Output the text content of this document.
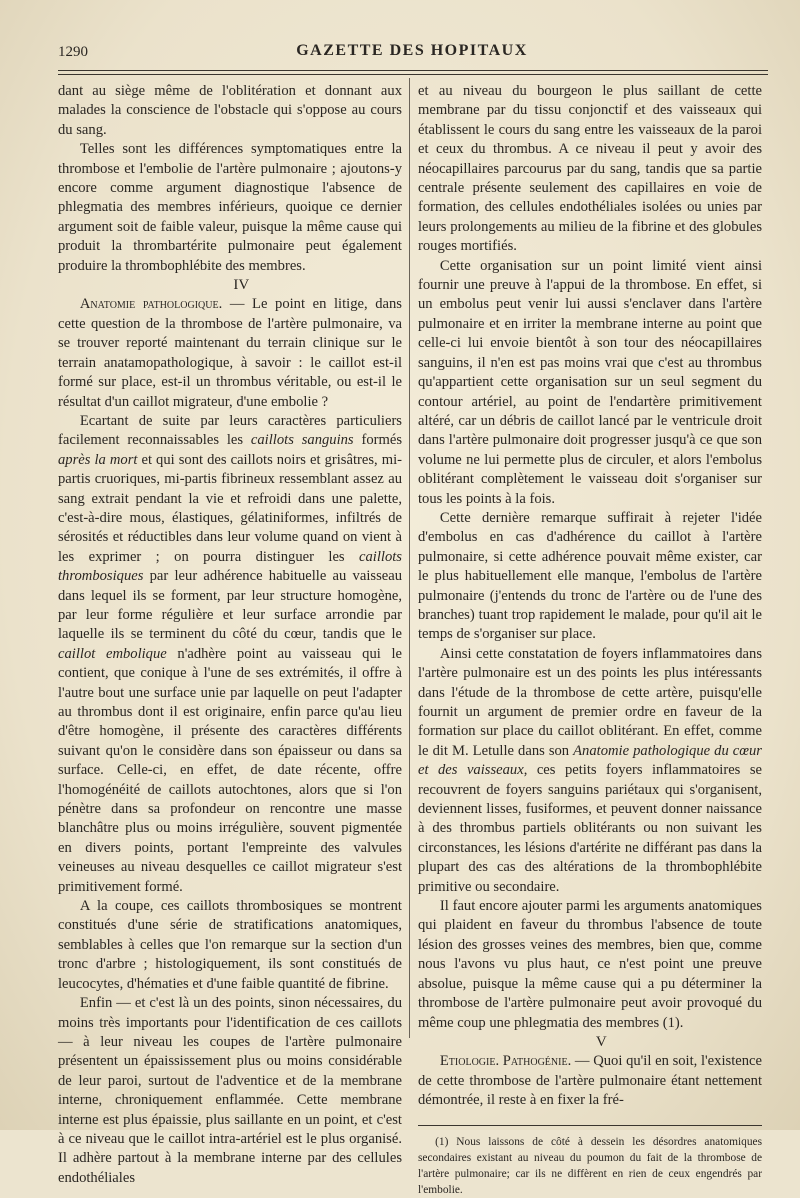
1290	GAZETTE DES HOPITAUX

dant au siège même de l'oblitération et donnant aux malades la conscience de l'obstacle qui s'oppose au cours du sang.

Telles sont les différences symptomatiques entre la thrombose et l'embolie de l'artère pulmonaire ; ajoutons-y encore comme argument diagnostique l'absence de phlegmatia des membres inférieurs, quoique ce dernier argument soit de faible valeur, puisque la même cause qui produit la thrombartérite pulmonaire peut également produire la thrombophlébite des membres.

IV

Anatomie pathologique. — Le point en litige, dans cette question de la thrombose de l'artère pulmonaire, va se trouver reporté maintenant du terrain clinique sur le terrain anatamopathologique, à savoir : le caillot est-il formé sur place, est-il un thrombus véritable, ou est-il le résultat d'un caillot migrateur, d'une embolie ?

Ecartant de suite par leurs caractères particuliers facilement reconnaissables les caillots sanguins formés après la mort et qui sont des caillots noirs et grisâtres, mi-partis cruoriques, mi-partis fibrineux ressemblant assez au sang extrait pendant la vie et refroidi dans une palette, c'est-à-dire mous, élastiques, gélatiniformes, infiltrés de sérosités et réductibles dans leur volume quand on vient à les exprimer ; on pourra distinguer les caillots thrombosiques par leur adhérence habituelle au vaisseau dans lequel ils se forment, par leur structure homogène, par leur forme régulière et leur surface arrondie par laquelle ils se terminent du côté du cœur, tandis que le caillot embolique n'adhère point au vaisseau qui le contient, que conique à l'une de ses extrémités, il offre à l'autre bout une surface unie par laquelle on peut l'adapter au thrombus dont il est originaire, enfin parce qu'au lieu d'être homogène, il présente des caractères différents suivant qu'on le considère dans son épaisseur ou dans sa surface. Celle-ci, en effet, de date récente, offre l'homogénéité de caillots autochtones, alors que si l'on pénètre dans sa profondeur on rencontre une masse blanchâtre plus ou moins irrégulière, souvent pigmentée en divers points, portant l'empreinte des valvules veineuses au niveau desquelles ce caillot migrateur s'est primitivement formé.

A la coupe, ces caillots thrombosiques se montrent constitués d'une série de stratifications anatomiques, semblables à celles que l'on remarque sur la section d'un tronc d'arbre ; histologiquement, ils sont constitués de leucocytes, d'hématies et d'une faible quantité de fibrine.

Enfin — et c'est là un des points, sinon nécessaires, du moins très importants pour l'identification de ces caillots — à leur niveau les coupes de l'artère pulmonaire présentent un épaississement plus ou moins considérable de leur paroi, surtout de l'adventice et de la membrane interne, chroniquement enflammée. Cette membrane interne est plus épaissie, plus saillante en un point, et c'est à ce niveau que le caillot intra-artériel est le plus organisé. Il adhère partout à la membrane interne par des cellules endothéliales

et au niveau du bourgeon le plus saillant de cette membrane par du tissu conjonctif et des vaisseaux qui établissent le cours du sang entre les vaisseaux de la paroi et ceux du thrombus. A ce niveau il peut y avoir des néocapillaires parcourus par du sang, tandis que sa partie centrale présente seulement des capillaires en voie de formation, des cellules endothéliales isolées ou unies par leurs prolongements au milieu de la fibrine et des globules rouges mortifiés.

Cette organisation sur un point limité vient ainsi fournir une preuve à l'appui de la thrombose. En effet, si un embolus peut venir lui aussi s'enclaver dans l'artère pulmonaire et en irriter la membrane interne au point que celle-ci lui envoie bientôt à son tour des néocapillaires sanguins, il n'en est pas moins vrai que c'est au thrombus qu'appartient cette organisation sur un seul segment du contour artériel, au point de l'endartère primitivement altéré, car un débris de caillot lancé par le ventricule droit dans l'artère pulmonaire doit progresser jusqu'à ce que son volume ne lui permette plus de circuler, et alors l'embolus oblitérant complètement le vaisseau doit s'organiser sur tous les points à la fois.

Cette dernière remarque suffirait à rejeter l'idée d'embolus en cas d'adhérence du caillot à l'artère pulmonaire, si cette adhérence pouvait même exister, car le plus habituellement elle manque, l'embolus de l'artère pulmonaire (j'entends du tronc de l'artère ou de l'une des branches) tuant trop rapidement le malade, pour qu'il ait le temps de s'organiser sur place.

Ainsi cette constatation de foyers inflammatoires dans l'artère pulmonaire est un des points les plus intéressants dans l'étude de la thrombose de cette artère, puisqu'elle fournit un argument de premier ordre en faveur de la formation sur place du caillot oblitérant. En effet, comme le dit M. Letulle dans son Anatomie pathologique du cœur et des vaisseaux, ces petits foyers inflammatoires se recouvrent de foyers sanguins pariétaux qui s'organisent, deviennent lisses, fusiformes, et peuvent donner naissance à des thrombus partiels oblitérants ou non suivant les circonstances, les lésions d'artérite ne différant pas dans la plupart des cas des altérations de la thrombophlébite primitive ou secondaire.

Il faut encore ajouter parmi les arguments anatomiques qui plaident en faveur du thrombus l'absence de toute lésion des grosses veines des membres, bien que, comme nous l'avons vu plus haut, ce n'est point une preuve absolue, puisque la même cause qui a pu déterminer la thrombose de l'artère pulmonaire peut avoir provoqué du même coup une phlegmatia des membres (1).

V

Etiologie. Pathogénie. — Quoi qu'il en soit, l'existence de cette thrombose de l'artère pulmonaire étant nettement démontrée, il reste à en fixer la fré-

(1) Nous laissons de côté à dessein les désordres anatomiques secondaires existant au niveau du poumon du fait de la thrombose de l'artère pulmonaire; car ils ne diffèrent en rien de ceux engendrés par l'embolie.
